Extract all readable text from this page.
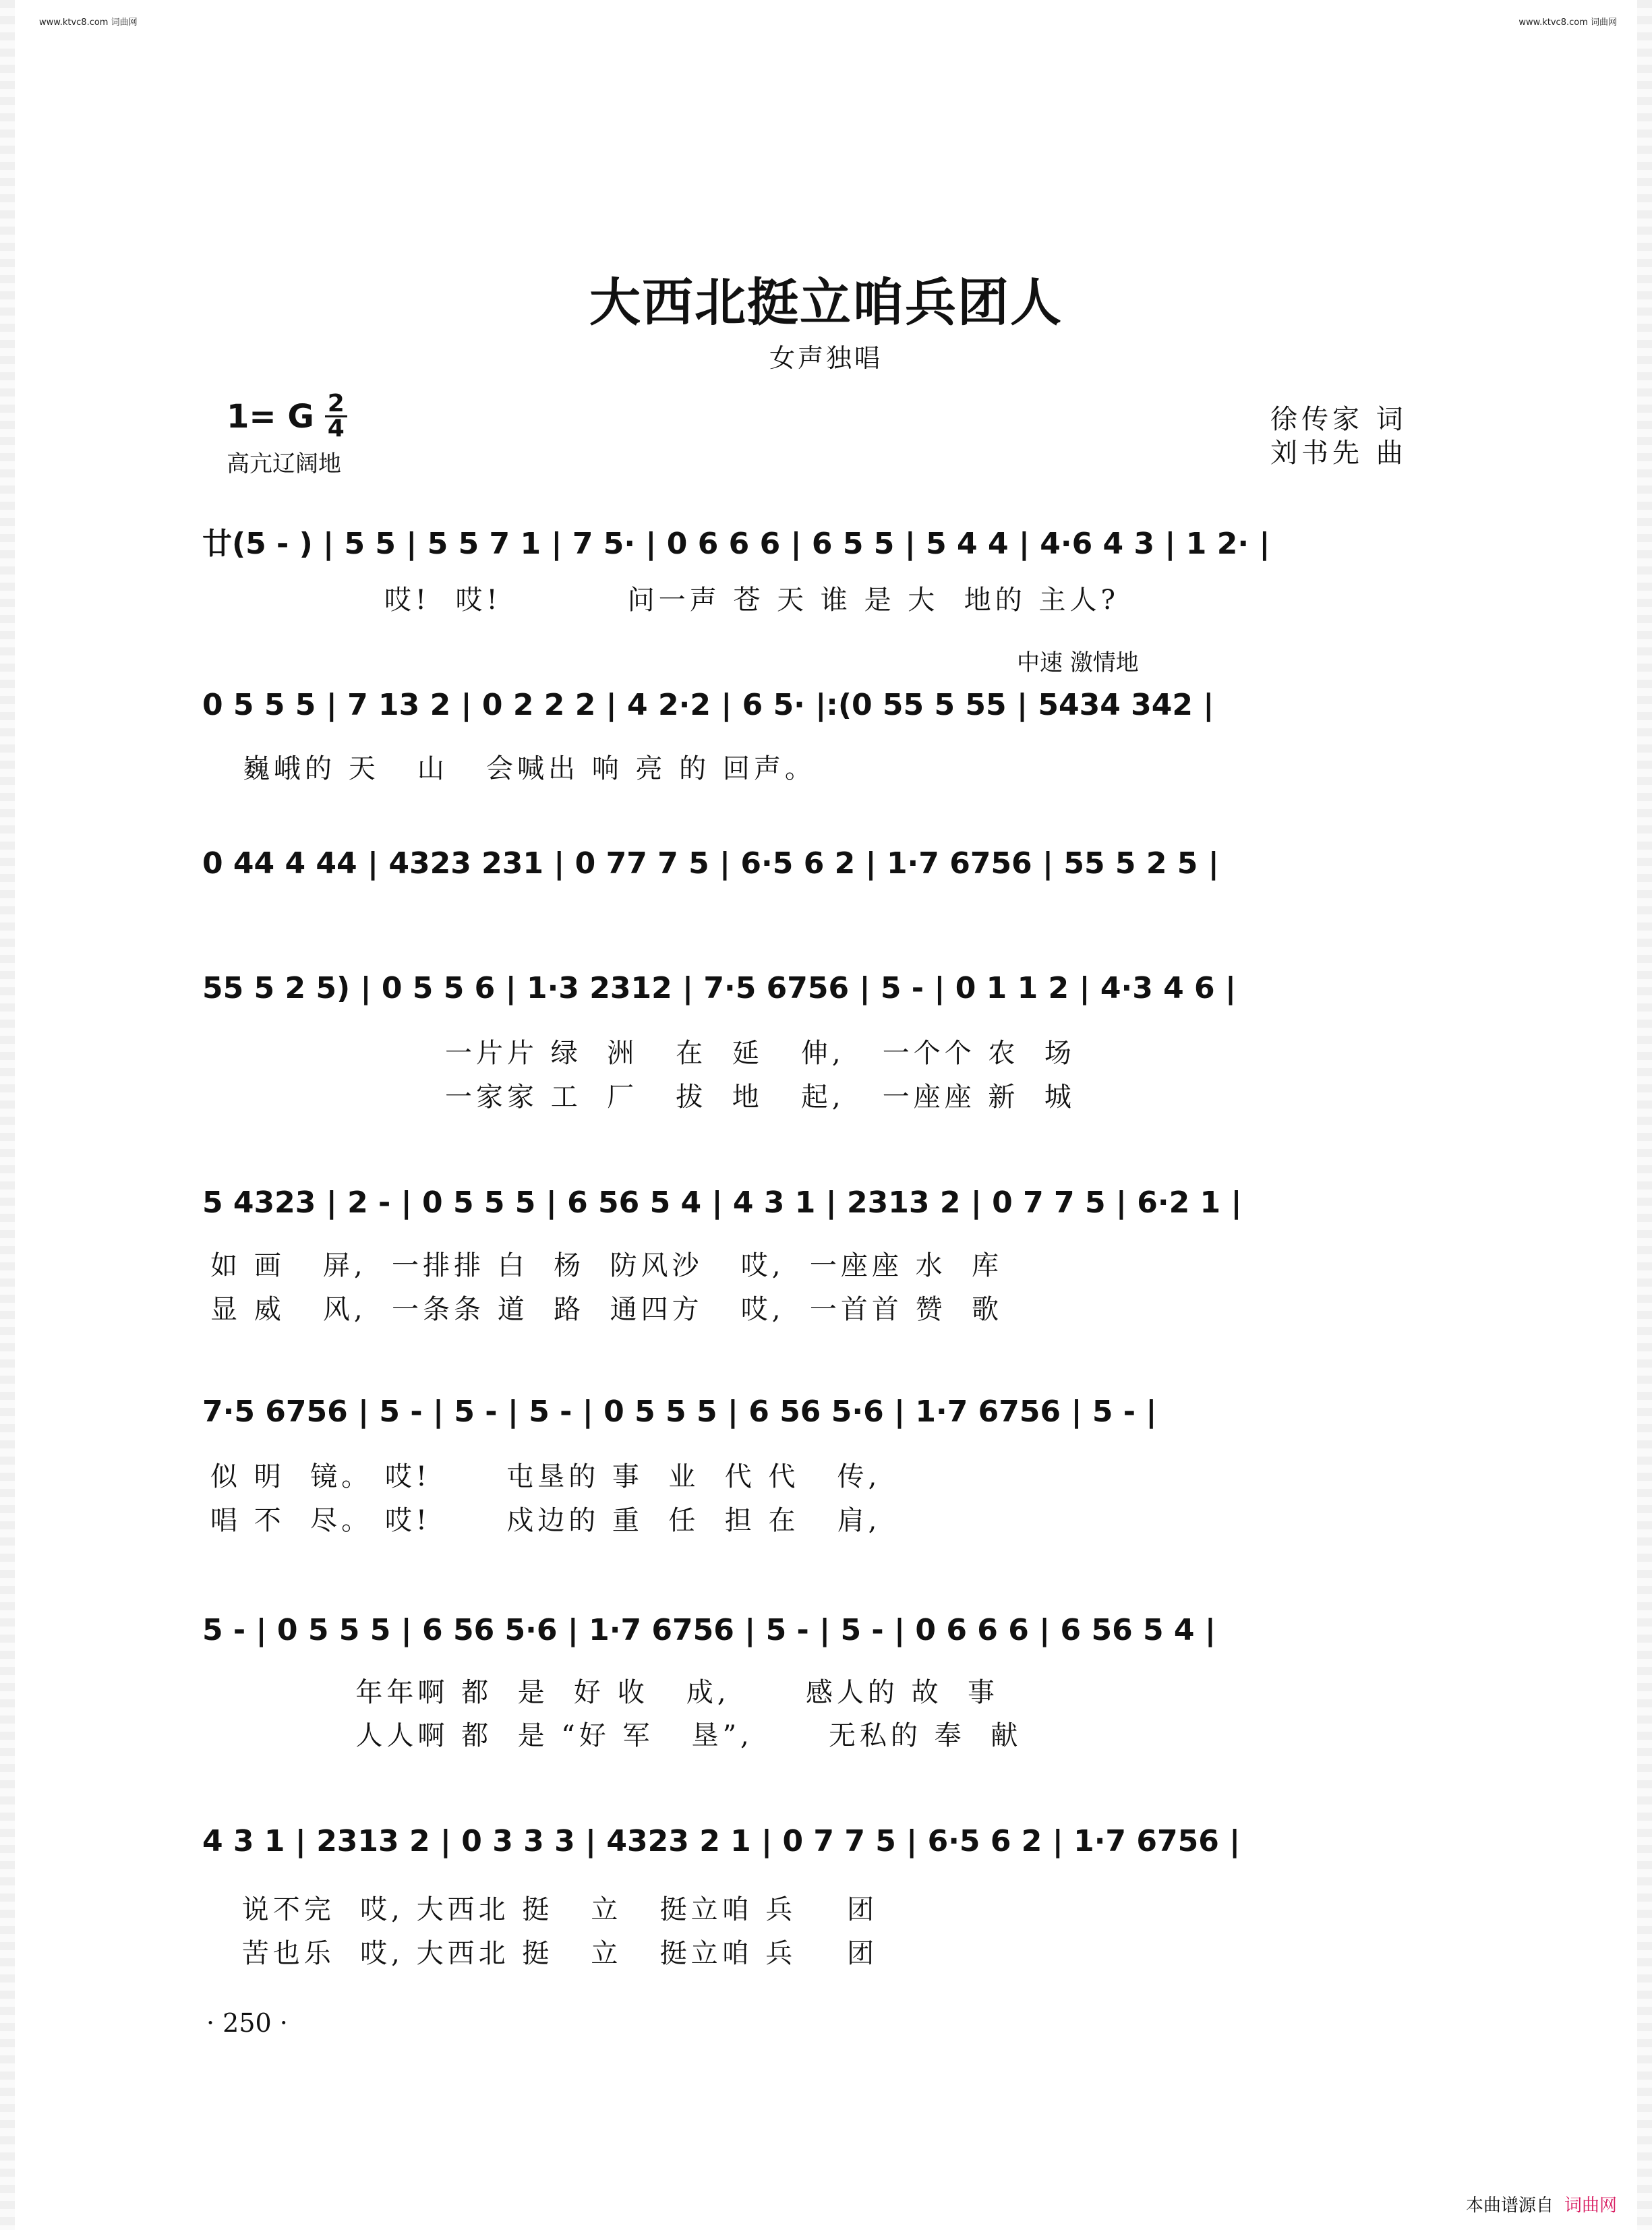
www.ktvc8.com 词曲网	www.ktvc8.com 词曲网
大西北挺立咱兵团人
女声独唱
1= G $\frac{2}{4}$
高亢辽阔地
徐传家 词
刘书先 曲
中速 激情地
廿(5 - ) | 5 5 | 5 5 7 1 | 7 5· | 0 6 6 6 | 6 5 5 | 5 4 4 | 4·6 4 3 | 1 2· |
哎!  哎!          问一声 苍 天 谁 是 大  地的 主人?
0 5 5 5 | 7 13 2 | 0 2 2 2 | 4 2·2 | 6 5· |:(0 55 5 55 | 5434 342 |
巍峨的 天   山   会喊出 响 亮 的 回声。
0 44 4 44 | 4323 231 | 0 77 7 5 | 6·5 6 2 | 1·7 6756 | 55 5 2 5 |
55 5 2 5) | 0 5 5 6 | 1·3 2312 | 7·5 6756 | 5 - | 0 1 1 2 | 4·3 4 6 |
一片片 绿  洲   在  延   伸,   一个个 农  场
一家家 工  厂   拔  地   起,   一座座 新  城
5 4323 | 2 - | 0 5 5 5 | 6 56 5 4 | 4 3 1 | 2313 2 | 0 7 7 5 | 6·2 1 |
如 画   屏,  一排排 白  杨  防风沙   哎,  一座座 水  库
显 威   风,  一条条 道  路  通四方   哎,  一首首 赞  歌
7·5 6756 | 5 - | 5 - | 5 - | 0 5 5 5 | 6 56 5·6 | 1·7 6756 | 5 - |
似 明  镜。 哎!      屯垦的 事  业  代 代   传,
唱 不  尽。 哎!      戍边的 重  任  担 在   肩,
5 - | 0 5 5 5 | 6 56 5·6 | 1·7 6756 | 5 - | 5 - | 0 6 6 6 | 6 56 5 4 |
年年啊 都  是  好 收   成,      感人的 故  事
人人啊 都  是 “好 军   垦”,      无私的 奉  献
4 3 1 | 2313 2 | 0 3 3 3 | 4323 2 1 | 0 7 7 5 | 6·5 6 2 | 1·7 6756 |
说不完  哎, 大西北 挺   立   挺立咱 兵    团
苦也乐  哎, 大西北 挺   立   挺立咱 兵    团
· 250 ·
本曲谱源自 词曲网
